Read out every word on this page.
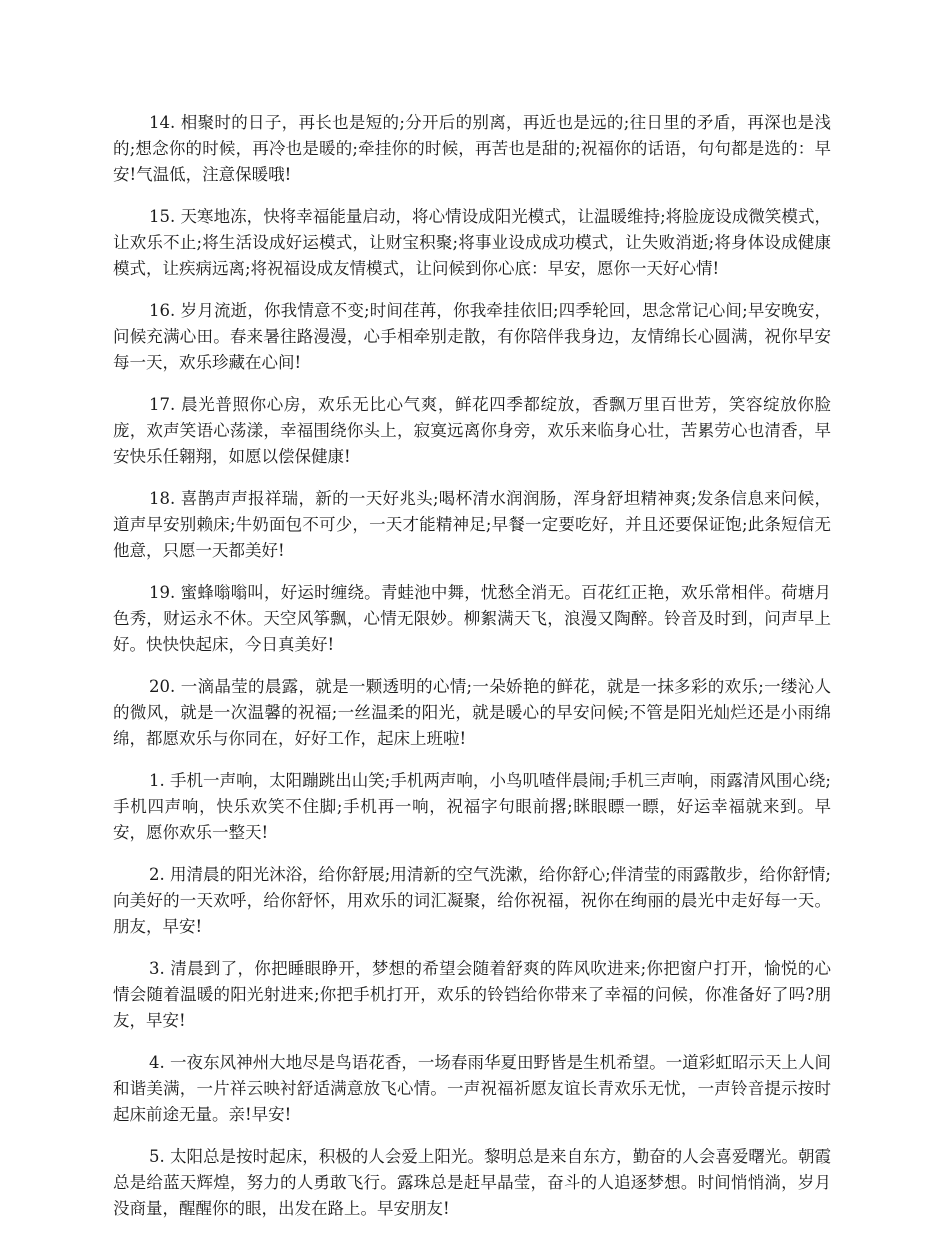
14. 相聚时的日子，再长也是短的;分开后的别离，再近也是远的;往日里的矛盾，再深也是浅的;想念你的时候，再冷也是暖的;牵挂你的时候，再苦也是甜的;祝福你的话语，句句都是选的：早安!气温低，注意保暖哦!

15. 天寒地冻，快将幸福能量启动，将心情设成阳光模式，让温暖维持;将脸庞设成微笑模式，让欢乐不止;将生活设成好运模式，让财宝积聚;将事业设成成功模式，让失败消逝;将身体设成健康模式，让疾病远离;将祝福设成友情模式，让问候到你心底：早安，愿你一天好心情!

16. 岁月流逝，你我情意不变;时间荏苒，你我牵挂依旧;四季轮回，思念常记心间;早安晚安，问候充满心田。春来暑往路漫漫，心手相牵别走散，有你陪伴我身边，友情绵长心圆满，祝你早安每一天，欢乐珍藏在心间!

17. 晨光普照你心房，欢乐无比心气爽，鲜花四季都绽放，香飘万里百世芳，笑容绽放你脸庞，欢声笑语心荡漾，幸福围绕你头上，寂寞远离你身旁，欢乐来临身心壮，苦累劳心也清香，早安快乐任翱翔，如愿以偿保健康!

18. 喜鹊声声报祥瑞，新的一天好兆头;喝杯清水润润肠，浑身舒坦精神爽;发条信息来问候，道声早安别赖床;牛奶面包不可少，一天才能精神足;早餐一定要吃好，并且还要保证饱;此条短信无他意，只愿一天都美好!

19. 蜜蜂嗡嗡叫，好运时缠绕。青蛙池中舞，忧愁全消无。百花红正艳，欢乐常相伴。荷塘月色秀，财运永不休。天空风筝飘，心情无限妙。柳絮满天飞，浪漫又陶醉。铃音及时到，问声早上好。快快快起床，今日真美好!

20. 一滴晶莹的晨露，就是一颗透明的心情;一朵娇艳的鲜花，就是一抹多彩的欢乐;一缕沁人的微风，就是一次温馨的祝福;一丝温柔的阳光，就是暖心的早安问候;不管是阳光灿烂还是小雨绵绵，都愿欢乐与你同在，好好工作，起床上班啦!

1. 手机一声响，太阳蹦跳出山笑;手机两声响，小鸟叽喳伴晨闹;手机三声响，雨露清风围心绕;手机四声响，快乐欢笑不住脚;手机再一响，祝福字句眼前撂;眯眼瞟一瞟，好运幸福就来到。早安，愿你欢乐一整天!

2. 用清晨的阳光沐浴，给你舒展;用清新的空气洗漱，给你舒心;伴清莹的雨露散步，给你舒情;向美好的一天欢呼，给你舒怀，用欢乐的词汇凝聚，给你祝福，祝你在绚丽的晨光中走好每一天。朋友，早安!

3. 清晨到了，你把睡眼睁开，梦想的希望会随着舒爽的阵风吹进来;你把窗户打开，愉悦的心情会随着温暖的阳光射进来;你把手机打开，欢乐的铃铛给你带来了幸福的问候，你准备好了吗?朋友，早安!

4. 一夜东风神州大地尽是鸟语花香，一场春雨华夏田野皆是生机希望。一道彩虹昭示天上人间和谐美满，一片祥云映衬舒适满意放飞心情。一声祝福祈愿友谊长青欢乐无忧，一声铃音提示按时起床前途无量。亲!早安!

5. 太阳总是按时起床，积极的人会爱上阳光。黎明总是来自东方，勤奋的人会喜爱曙光。朝霞总是给蓝天辉煌，努力的人勇敢飞行。露珠总是赶早晶莹，奋斗的人追逐梦想。时间悄悄淌，岁月没商量，醒醒你的眼，出发在路上。早安朋友!
